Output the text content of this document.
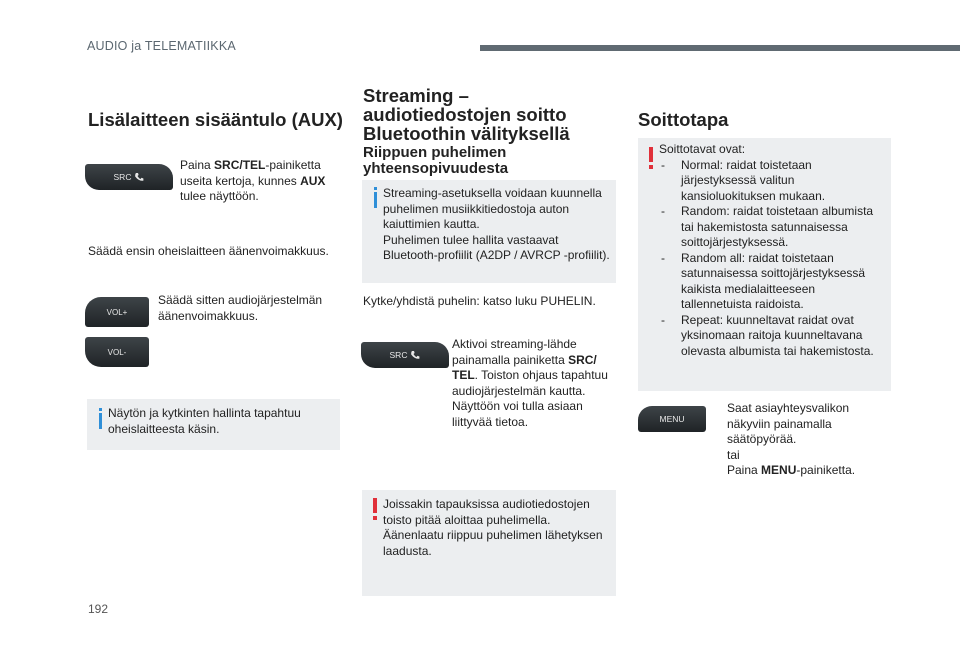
AUDIO ja TELEMATIIKKA
Lisälaitteen sisääntulo (AUX)
SRC
Paina SRC/TEL-painiketta useita kertoja, kunnes AUX tulee näyttöön.
Säädä ensin oheislaitteen äänenvoimakkuus.
VOL+
VOL-
Säädä sitten audiojärjestelmän äänenvoimakkuus.
Näytön ja kytkinten hallinta tapahtuu oheislaitteesta käsin.
Streaming –
audiotiedostojen soitto
Bluetoothin välityksellä
Riippuen puhelimen
yhteensopivuudesta
Streaming-asetuksella voidaan kuunnella puhelimen musiikkitiedostoja auton kaiuttimien kautta.
Puhelimen tulee hallita vastaavat Bluetooth-profiilit (A2DP / AVRCP -profiilit).
Kytke/yhdistä puhelin: katso luku PUHELIN.
SRC
Aktivoi streaming-lähde painamalla painiketta SRC/ TEL. Toiston ohjaus tapahtuu audiojärjestelmän kautta. Näyttöön voi tulla asiaan liittyvää tietoa.
Joissakin tapauksissa audiotiedostojen toisto pitää aloittaa puhelimella.
Äänenlaatu riippuu puhelimen lähetyksen laadusta.
Soittotapa
Soittotavat ovat:
- Normal: raidat toistetaan järjestyksessä valitun kansioluokituksen mukaan.
- Random: raidat toistetaan albumista tai hakemistosta satunnaisessa soittojärjestyksessä.
- Random all: raidat toistetaan satunnaisessa soittojärjestyksessä kaikista medialaitteeseen tallennetuista raidoista.
- Repeat: kuunneltavat raidat ovat yksinomaan raitoja kuunneltavana olevasta albumista tai hakemistosta.
MENU
Saat asiayhteysvalikon näkyviin painamalla säätöpyörää.
tai
Paina MENU-painiketta.
192
